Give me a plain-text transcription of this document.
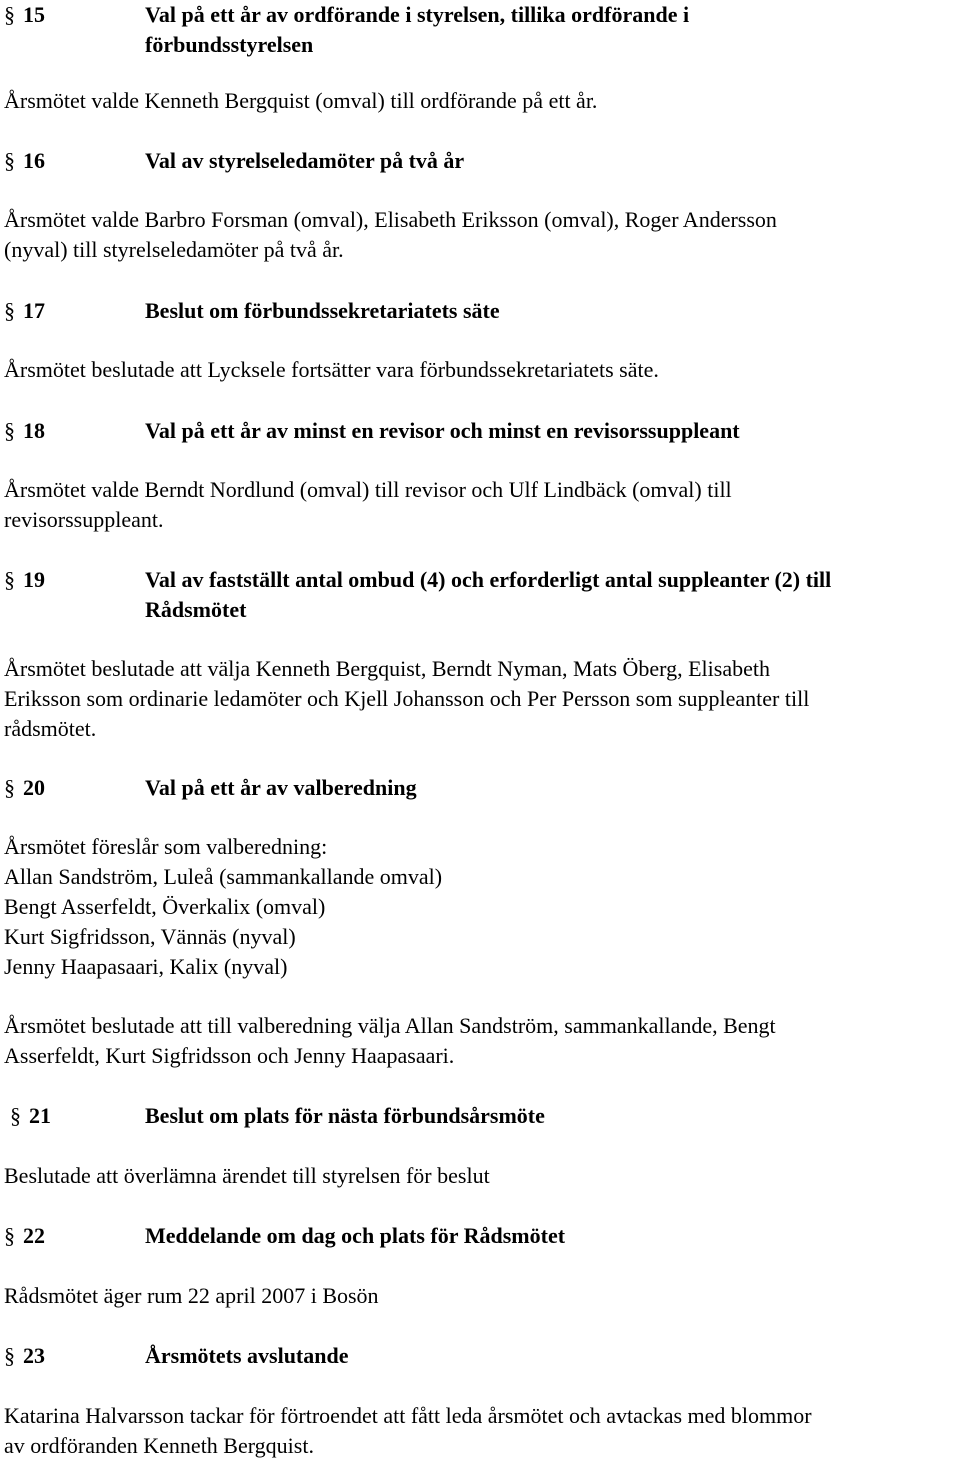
§ 15	Val på ett år av ordförande i styrelsen, tillika ordförande i
förbundsstyrelsen
Årsmötet valde Kenneth Bergquist (omval) till ordförande på ett år.
§ 16	Val av styrelseledamöter på två år
Årsmötet valde Barbro Forsman (omval), Elisabeth Eriksson (omval), Roger Andersson
(nyval) till styrelseledamöter på två år.
§ 17	Beslut om förbundssekretariatets säte
Årsmötet beslutade att Lycksele fortsätter vara förbundssekretariatets säte.
§ 18	Val på ett år av minst en revisor och minst en revisorssuppleant
Årsmötet valde Berndt Nordlund (omval) till revisor och Ulf Lindbäck (omval) till
revisorssuppleant.
§ 19	Val av fastställt antal ombud (4) och erforderligt antal suppleanter (2) till
Rådsmötet
Årsmötet beslutade att välja Kenneth Bergquist, Berndt Nyman, Mats Öberg, Elisabeth
Eriksson som ordinarie ledamöter och Kjell Johansson och Per Persson som suppleanter till
rådsmötet.
§ 20	Val på ett år av valberedning
Årsmötet föreslår som valberedning:
Allan Sandström, Luleå (sammankallande omval)
Bengt Asserfeldt, Överkalix (omval)
Kurt Sigfridsson, Vännäs (nyval)
Jenny Haapasaari, Kalix (nyval)
Årsmötet beslutade att till valberedning välja Allan Sandström, sammankallande, Bengt
Asserfeldt, Kurt Sigfridsson och Jenny Haapasaari.
§ 21	Beslut om plats för nästa förbundsårsmöte
Beslutade att överlämna ärendet till styrelsen för beslut
§ 22	Meddelande om dag och plats för Rådsmötet
Rådsmötet äger rum 22 april 2007 i Bosön
§ 23	Årsmötets avslutande
Katarina Halvarsson tackar för förtroendet att fått leda årsmötet och avtackas med blommor
av ordföranden Kenneth Bergquist.
